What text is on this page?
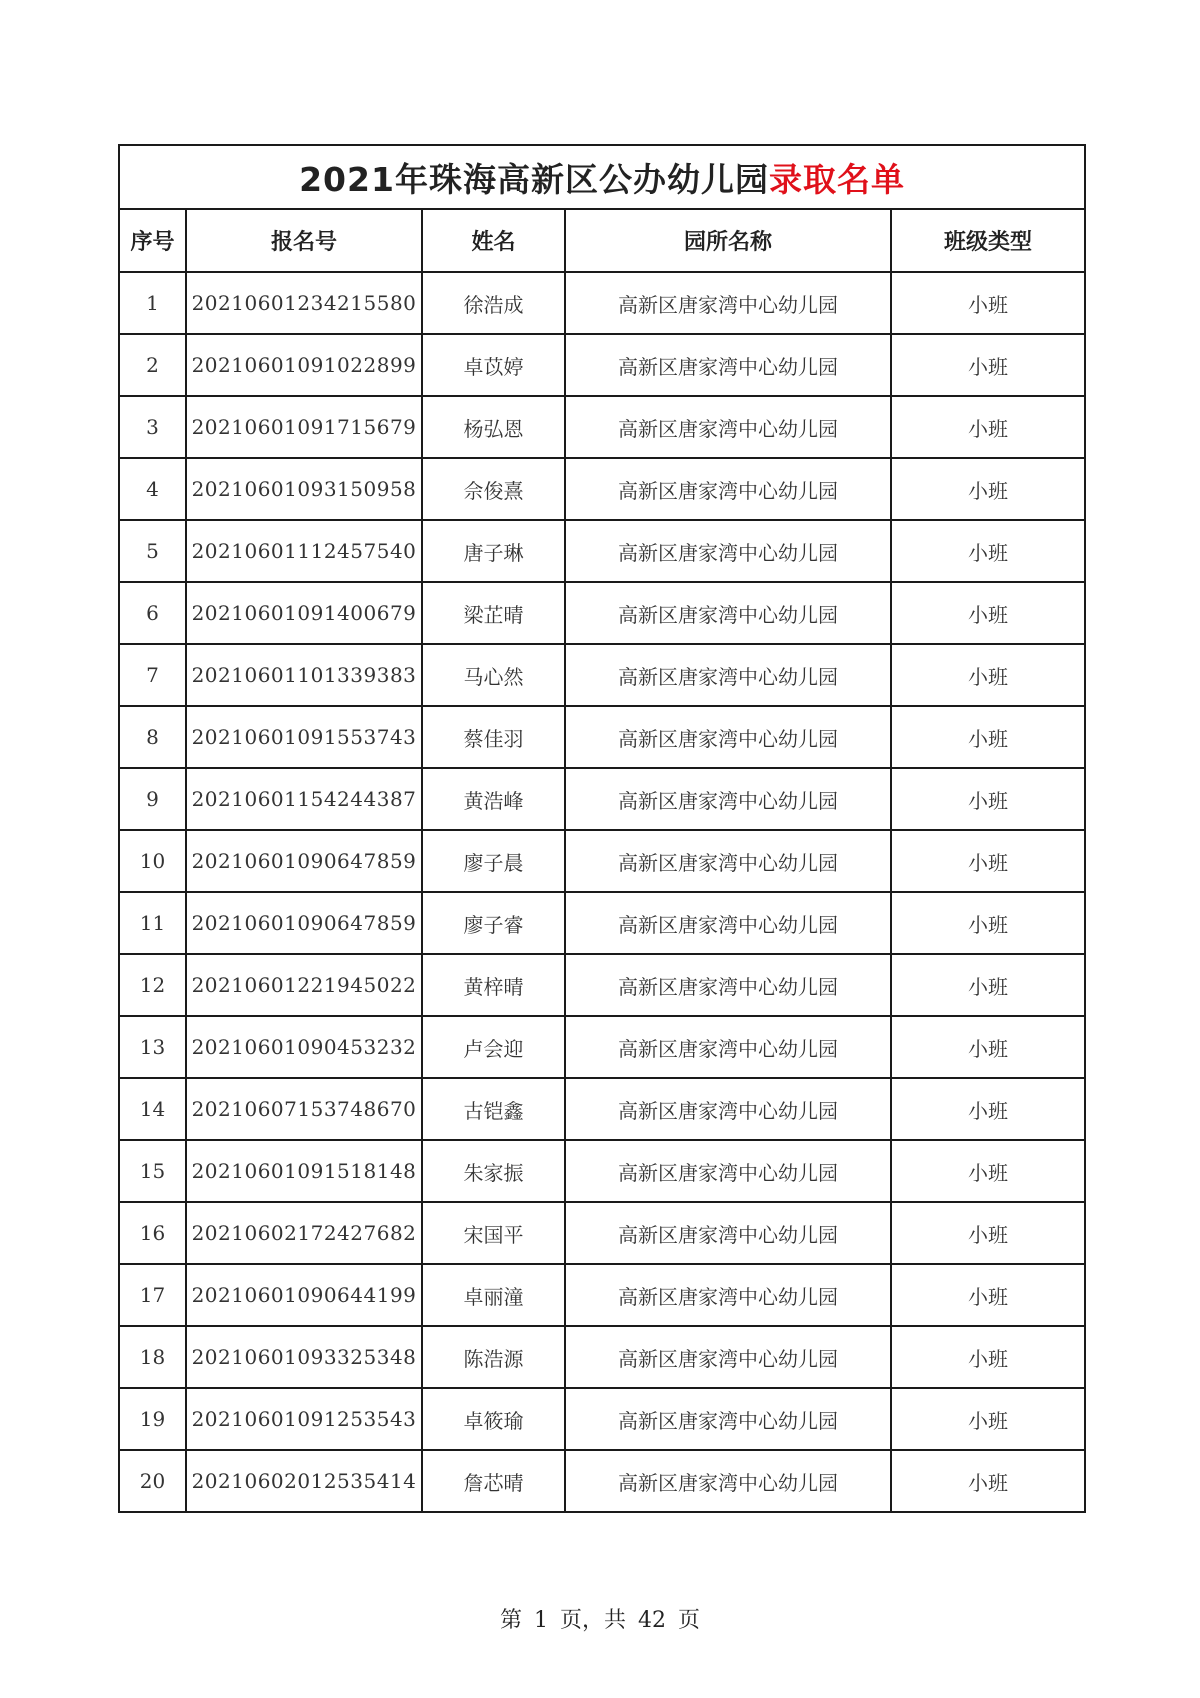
2021年珠海高新区公办幼儿园录取名单				
序号	报名号	姓名	园所名称	班级类型
1	20210601234215580	徐浩成	高新区唐家湾中心幼儿园	小班
2	20210601091022899	卓苡婷	高新区唐家湾中心幼儿园	小班
3	20210601091715679	杨弘恩	高新区唐家湾中心幼儿园	小班
4	20210601093150958	佘俊熹	高新区唐家湾中心幼儿园	小班
5	20210601112457540	唐子琳	高新区唐家湾中心幼儿园	小班
6	20210601091400679	梁芷晴	高新区唐家湾中心幼儿园	小班
7	20210601101339383	马心然	高新区唐家湾中心幼儿园	小班
8	20210601091553743	蔡佳羽	高新区唐家湾中心幼儿园	小班
9	20210601154244387	黄浩峰	高新区唐家湾中心幼儿园	小班
10	20210601090647859	廖子晨	高新区唐家湾中心幼儿园	小班
11	20210601090647859	廖子睿	高新区唐家湾中心幼儿园	小班
12	20210601221945022	黄梓晴	高新区唐家湾中心幼儿园	小班
13	20210601090453232	卢会迎	高新区唐家湾中心幼儿园	小班
14	20210607153748670	古铠鑫	高新区唐家湾中心幼儿园	小班
15	20210601091518148	朱家振	高新区唐家湾中心幼儿园	小班
16	20210602172427682	宋国平	高新区唐家湾中心幼儿园	小班
17	20210601090644199	卓丽潼	高新区唐家湾中心幼儿园	小班
18	20210601093325348	陈浩源	高新区唐家湾中心幼儿园	小班
19	20210601091253543	卓筱瑜	高新区唐家湾中心幼儿园	小班
20	20210602012535414	詹芯晴	高新区唐家湾中心幼儿园	小班
第 1 页，共 42 页
